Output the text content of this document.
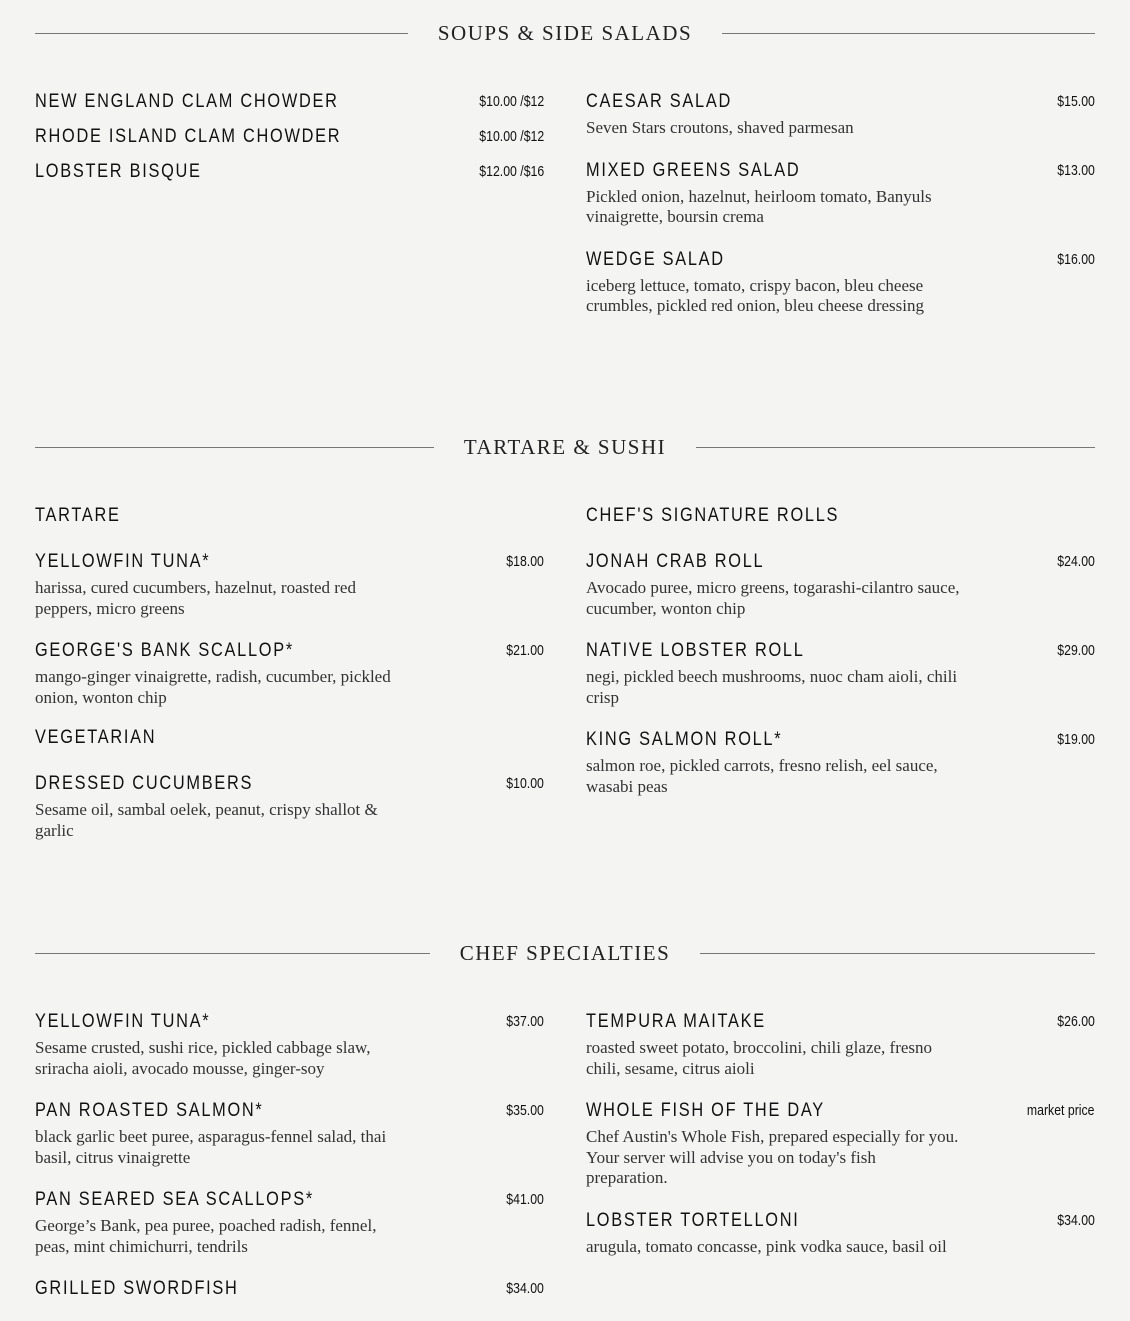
SOUPS & SIDE SALADS
NEW ENGLAND CLAM CHOWDER	$10.00 /$12
RHODE ISLAND CLAM CHOWDER	$10.00 /$12
LOBSTER BISQUE	$12.00 /$16
CAESAR SALAD	$15.00
Seven Stars croutons, shaved parmesan
MIXED GREENS SALAD	$13.00
Pickled onion, hazelnut, heirloom tomato, Banyuls vinaigrette, boursin crema
WEDGE SALAD	$16.00
iceberg lettuce, tomato, crispy bacon, bleu cheese crumbles, pickled red onion, bleu cheese dressing
TARTARE & SUSHI
TARTARE
YELLOWFIN TUNA*	$18.00
harissa, cured cucumbers, hazelnut, roasted red peppers, micro greens
GEORGE'S BANK SCALLOP*	$21.00
mango-ginger vinaigrette, radish, cucumber, pickled onion, wonton chip
VEGETARIAN
DRESSED CUCUMBERS	$10.00
Sesame oil, sambal oelek, peanut, crispy shallot & garlic
CHEF'S SIGNATURE ROLLS
JONAH CRAB ROLL	$24.00
Avocado puree, micro greens, togarashi-cilantro sauce, cucumber, wonton chip
NATIVE LOBSTER ROLL	$29.00
negi, pickled beech mushrooms, nuoc cham aioli, chili crisp
KING SALMON ROLL*	$19.00
salmon roe, pickled carrots, fresno relish, eel sauce, wasabi peas
CHEF SPECIALTIES
YELLOWFIN TUNA*	$37.00
Sesame crusted, sushi rice, pickled cabbage slaw, sriracha aioli, avocado mousse, ginger-soy
PAN ROASTED SALMON*	$35.00
black garlic beet puree, asparagus-fennel salad, thai basil, citrus vinaigrette
PAN SEARED SEA SCALLOPS*	$41.00
George’s Bank, pea puree, poached radish, fennel, peas, mint chimichurri, tendrils
GRILLED SWORDFISH	$34.00
TEMPURA MAITAKE	$26.00
roasted sweet potato, broccolini, chili glaze, fresno chili, sesame, citrus aioli
WHOLE FISH OF THE DAY	market price
Chef Austin's Whole Fish, prepared especially for you.
Your server will advise you on today's fish preparation.
LOBSTER TORTELLONI	$34.00
arugula, tomato concasse, pink vodka sauce, basil oil
